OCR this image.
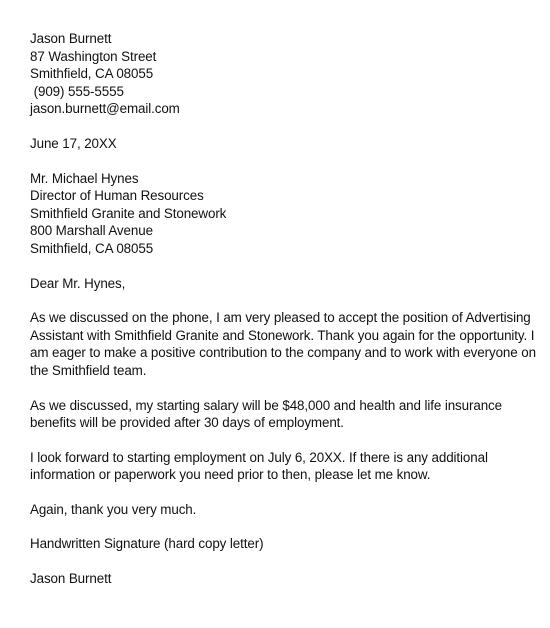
Jason Burnett
87 Washington Street
Smithfield, CA 08055
(909) 555-5555
jason.burnett@email.com
June 17, 20XX
Mr. Michael Hynes
Director of Human Resources
Smithfield Granite and Stonework
800 Marshall Avenue
Smithfield, CA 08055
Dear Mr. Hynes,
As we discussed on the phone, I am very pleased to accept the position of Advertising
Assistant with Smithfield Granite and Stonework. Thank you again for the opportunity. I
am eager to make a positive contribution to the company and to work with everyone on
the Smithfield team.
As we discussed, my starting salary will be $48,000 and health and life insurance
benefits will be provided after 30 days of employment.
I look forward to starting employment on July 6, 20XX. If there is any additional
information or paperwork you need prior to then, please let me know.
Again, thank you very much.
Handwritten Signature (hard copy letter)
Jason Burnett
